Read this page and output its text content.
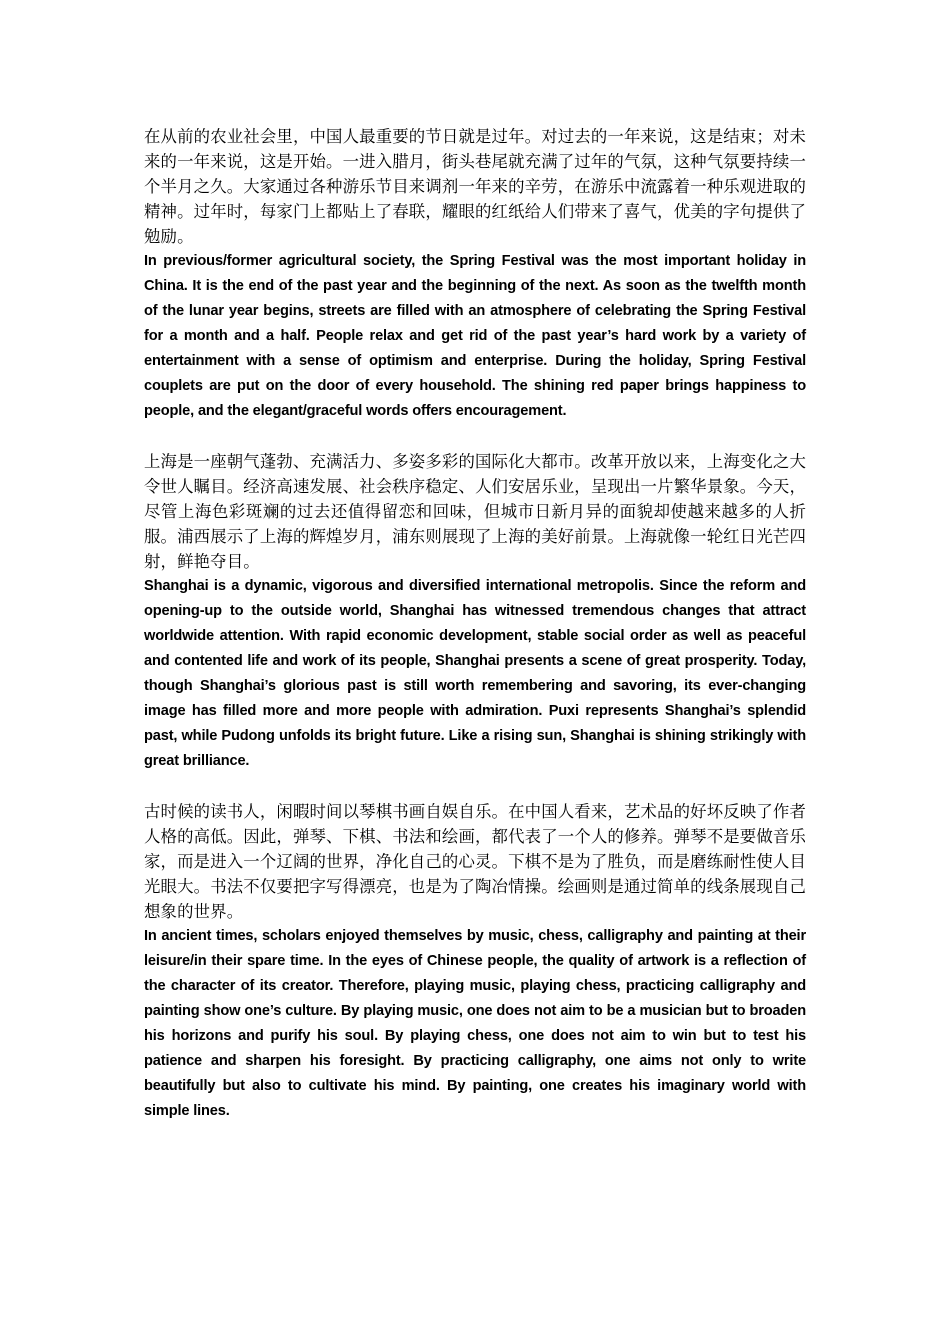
在从前的农业社会里，中国人最重要的节日就是过年。对过去的一年来说，这是结束；对未来的一年来说，这是开始。一进入腊月，街头巷尾就充满了过年的气氛，这种气氛要持续一个半月之久。大家通过各种游乐节目来调剂一年来的辛劳，在游乐中流露着一种乐观进取的精神。过年时，每家门上都贴上了春联，耀眼的红纸给人们带来了喜气，优美的字句提供了勉励。

In previous/former agricultural society, the Spring Festival was the most important holiday in China. It is the end of the past year and the beginning of the next. As soon as the twelfth month of the lunar year begins, streets are filled with an atmosphere of celebrating the Spring Festival for a month and a half. People relax and get rid of the past year’s hard work by a variety of entertainment with a sense of optimism and enterprise. During the holiday, Spring Festival couplets are put on the door of every household. The shining red paper brings happiness to people, and the elegant/graceful words offers encouragement.

上海是一座朝气蓬勃、充满活力、多姿多彩的国际化大都市。改革开放以来，上海变化之大令世人瞩目。经济高速发展、社会秩序稳定、人们安居乐业，呈现出一片繁华景象。今天，尽管上海色彩斑斓的过去还值得留恋和回味，但城市日新月异的面貌却使越来越多的人折服。浦西展示了上海的辉煌岁月，浦东则展现了上海的美好前景。上海就像一轮红日光芒四射，鲜艳夺目。

Shanghai is a dynamic, vigorous and diversified international metropolis. Since the reform and opening-up to the outside world, Shanghai has witnessed tremendous changes that attract worldwide attention. With rapid economic development, stable social order as well as peaceful and contented life and work of its people, Shanghai presents a scene of great prosperity. Today, though Shanghai’s glorious past is still worth remembering and savoring, its ever-changing image has filled more and more people with admiration. Puxi represents Shanghai’s splendid past, while Pudong unfolds its bright future. Like a rising sun, Shanghai is shining strikingly with great brilliance.

古时候的读书人，闲暇时间以琴棋书画自娱自乐。在中国人看来，艺术品的好坏反映了作者人格的高低。因此，弹琴、下棋、书法和绘画，都代表了一个人的修养。弹琴不是要做音乐家，而是进入一个辽阔的世界，净化自己的心灵。下棋不是为了胜负，而是磨练耐性使人目光眼大。书法不仅要把字写得漂亮，也是为了陶冶情操。绘画则是通过简单的线条展现自己想象的世界。

In ancient times, scholars enjoyed themselves by music, chess, calligraphy and painting at their leisure/in their spare time. In the eyes of Chinese people, the quality of artwork is a reflection of the character of its creator. Therefore, playing music, playing chess, practicing calligraphy and painting show one’s culture. By playing music, one does not aim to be a musician but to broaden his horizons and purify his soul. By playing chess, one does not aim to win but to test his patience and sharpen his foresight. By practicing calligraphy, one aims not only to write beautifully but also to cultivate his mind. By painting, one creates his imaginary world with simple lines.
